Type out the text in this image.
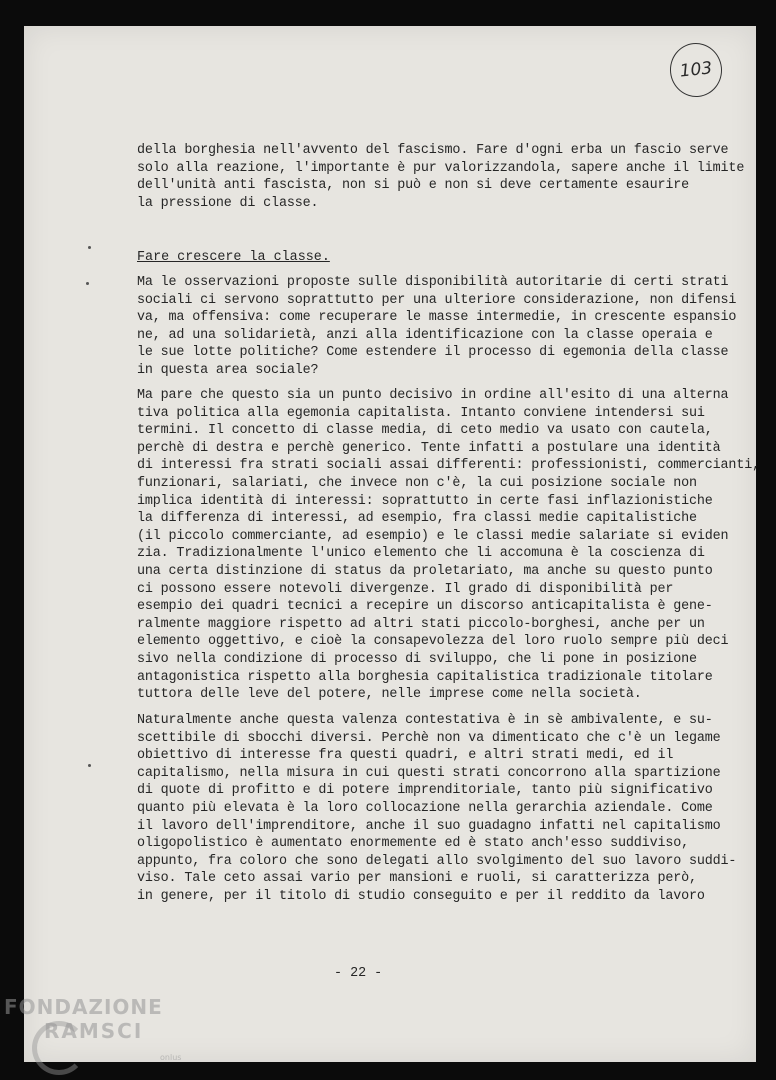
103
della borghesia nell'avvento del fascismo. Fare d'ogni erba un fascio serve
solo alla reazione, l'importante è pur valorizzandola, sapere anche il limite
dell'unità anti fascista, non si può e non si deve certamente esaurire
la pressione di classe.
Fare crescere la classe.
Ma le osservazioni proposte sulle disponibilità autoritarie di certi strati
sociali ci servono soprattutto per una ulteriore considerazione, non difensi
va, ma offensiva: come recuperare le masse intermedie, in crescente espansio
ne, ad una solidarietà, anzi alla identificazione con la classe operaia e
le sue lotte politiche? Come estendere il processo di egemonia della classe
in questa area sociale?
Ma pare che questo sia un punto decisivo in ordine all'esito di una alterna
tiva politica alla egemonia capitalista. Intanto conviene intendersi sui
termini. Il concetto di classe media, di ceto medio va usato con cautela,
perchè di destra e perchè generico. Tente infatti a postulare una identità
di interessi fra strati sociali assai differenti: professionisti, commercianti,
funzionari, salariati, che invece non c'è, la cui posizione sociale non
implica identità di interessi: soprattutto in certe fasi inflazionistiche
la differenza di interessi, ad esempio, fra classi medie capitalistiche
(il piccolo commerciante, ad esempio) e le classi medie salariate si eviden
zia. Tradizionalmente l'unico elemento che li accomuna è la coscienza di
una certa distinzione di status da proletariato, ma anche su questo punto
ci possono essere notevoli divergenze. Il grado di disponibilità per
esempio dei quadri tecnici a recepire un discorso anticapitalista è gene-
ralmente maggiore rispetto ad altri stati piccolo-borghesi, anche per un
elemento oggettivo, e cioè la consapevolezza del loro ruolo sempre più deci
sivo nella condizione di processo di sviluppo, che li pone in posizione
antagonistica rispetto alla borghesia capitalistica tradizionale titolare
tuttora delle leve del potere, nelle imprese come nella società.
Naturalmente anche questa valenza contestativa è in sè ambivalente, e su-
scettibile di sbocchi diversi. Perchè non va dimenticato che c'è un legame
obiettivo di interesse fra questi quadri, e altri strati medi, ed il
capitalismo, nella misura in cui questi strati concorrono alla spartizione
di quote di profitto e di potere imprenditoriale, tanto più significativo
quanto più elevata è la loro collocazione nella gerarchia aziendale. Come
il lavoro dell'imprenditore, anche il suo guadagno infatti nel capitalismo
oligopolistico è aumentato enormemente ed è stato anch'esso suddiviso,
appunto, fra coloro che sono delegati allo svolgimento del suo lavoro suddi-
viso. Tale ceto assai vario per mansioni e ruoli, si caratterizza però,
in genere, per il titolo di studio conseguito e per il reddito da lavoro
- 22 -
FONDAZIONE
RAMSCI
onlus
